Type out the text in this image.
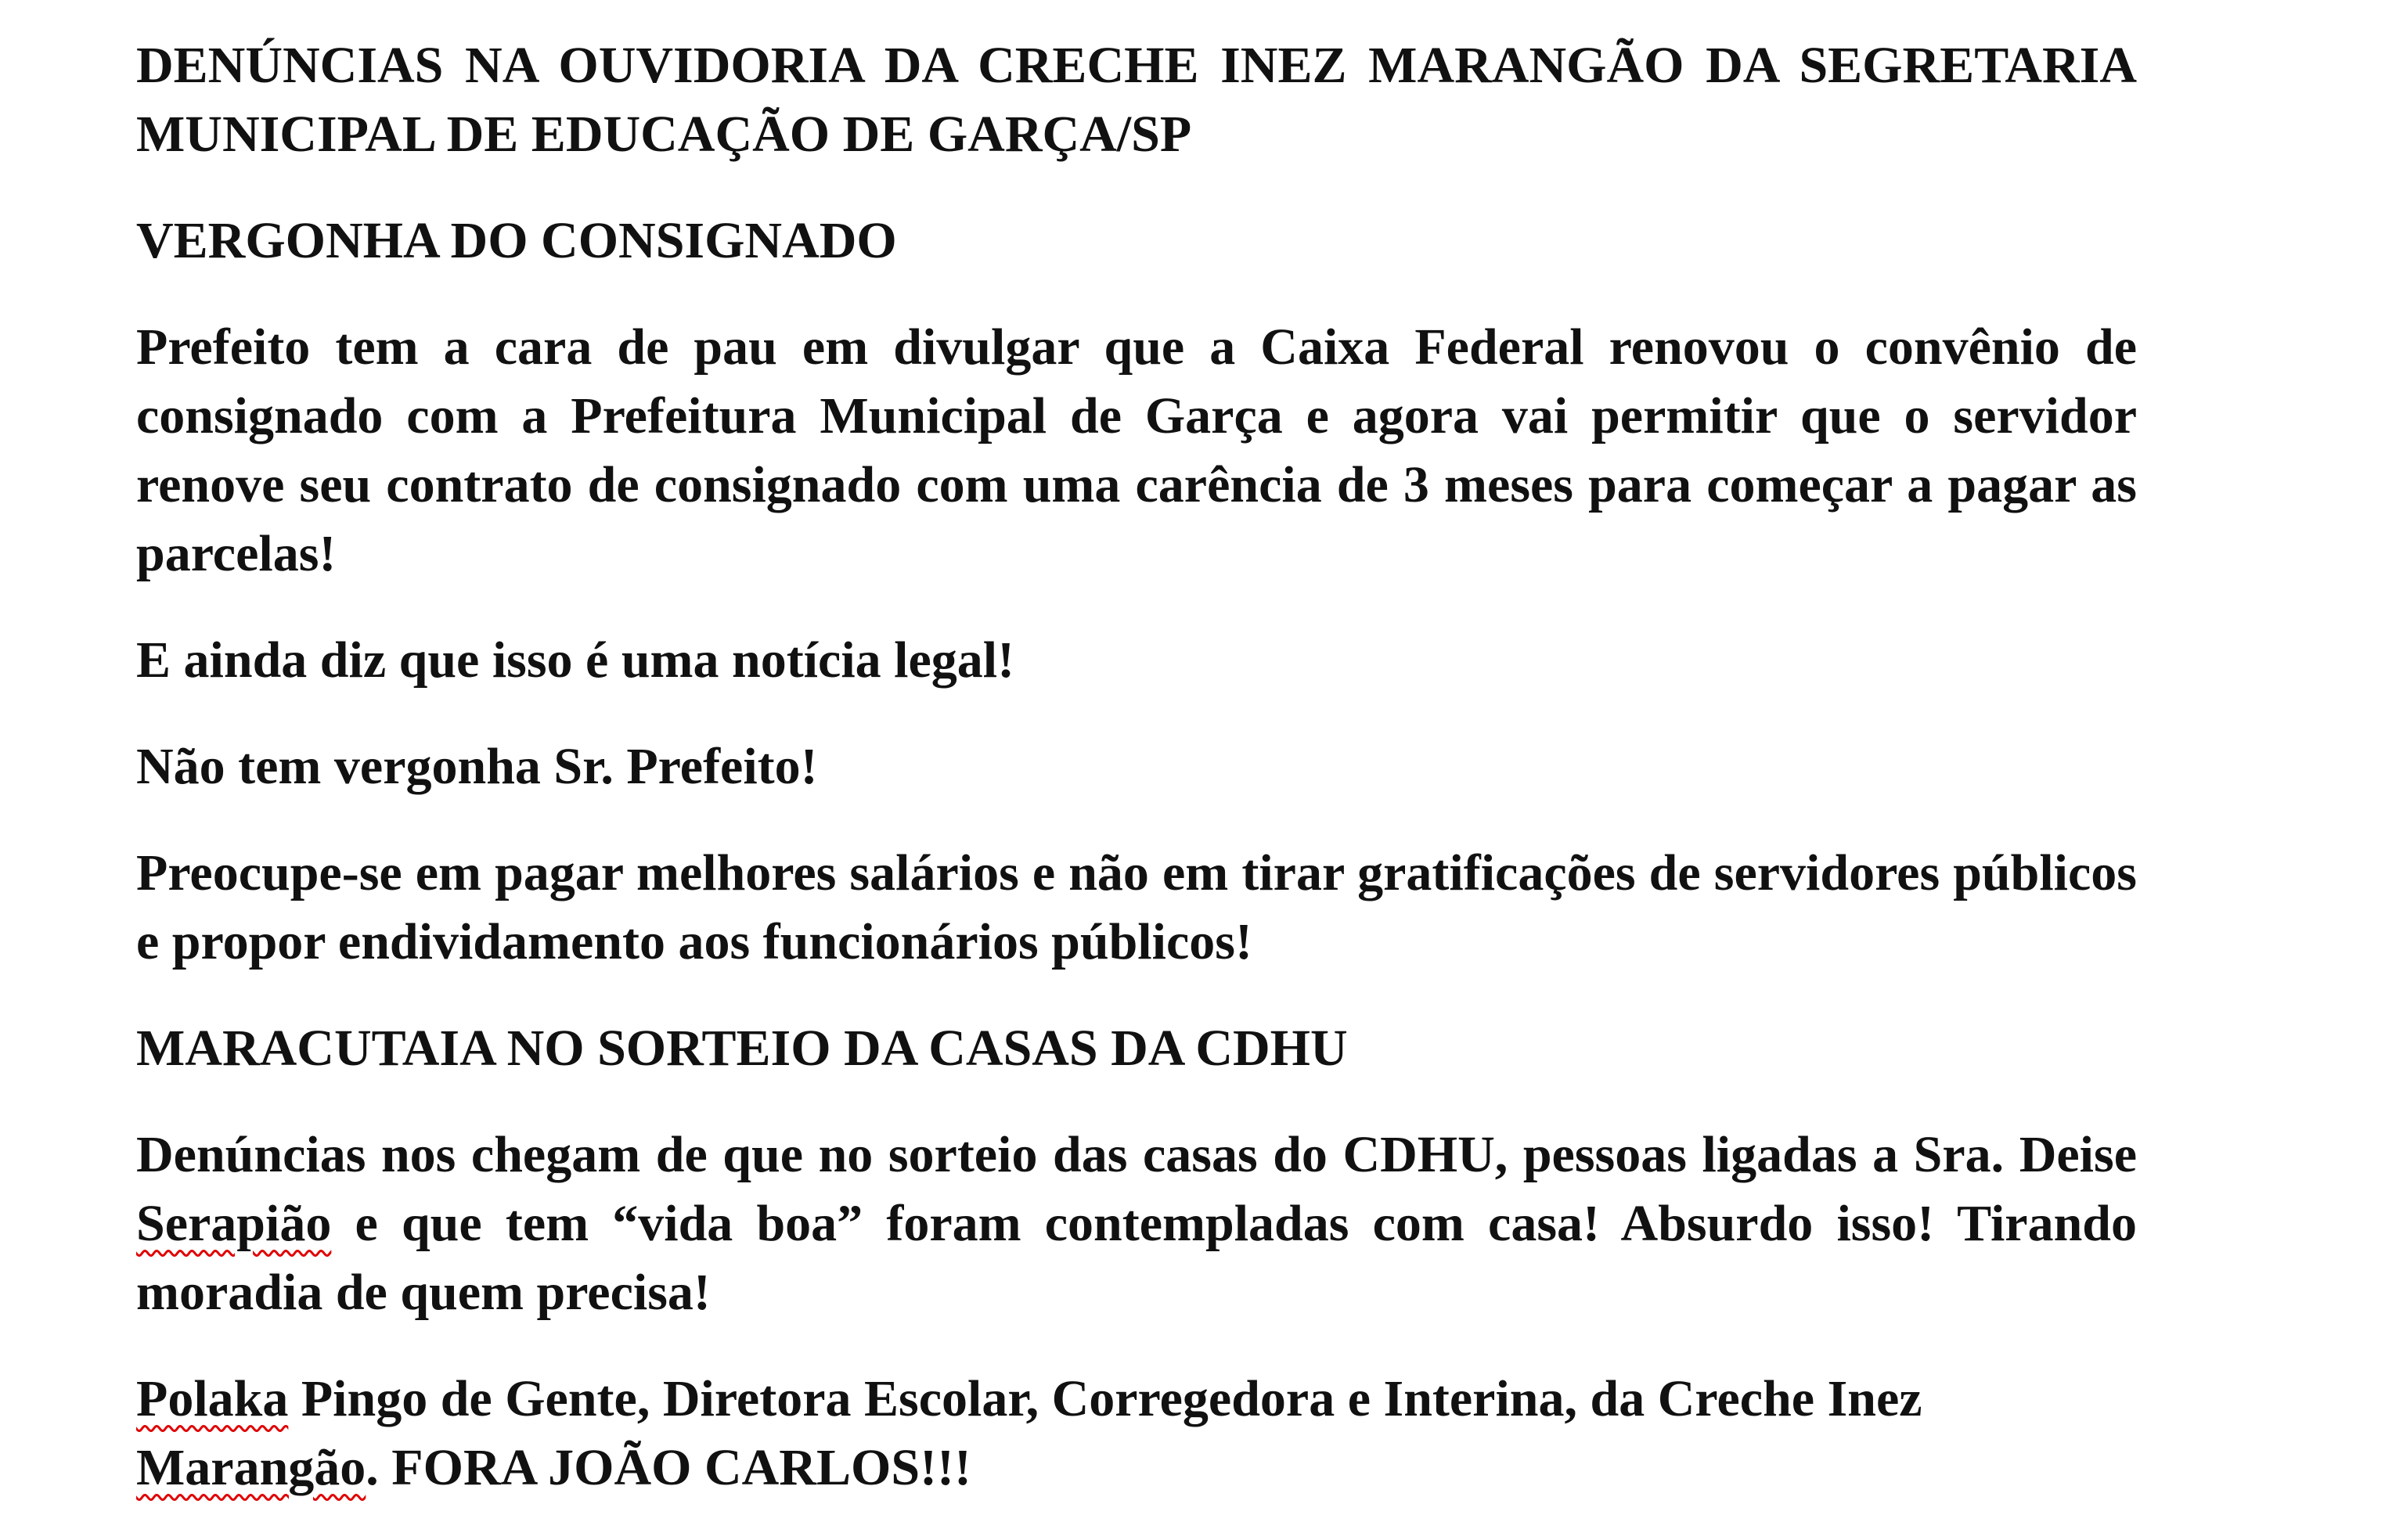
DENÚNCIAS NA OUVIDORIA DA CRECHE INEZ MARANGÃO DA SEGRETARIA MUNICIPAL DE EDUCAÇÃO DE GARÇA/SP

VERGONHA DO CONSIGNADO

Prefeito tem a cara de pau em divulgar que a Caixa Federal renovou o convênio de consignado com a Prefeitura Municipal de Garça e agora vai permitir que o servidor renove seu contrato de consignado com uma carência de 3 meses para começar a pagar as parcelas!

E ainda diz que isso é uma notícia legal!

Não tem vergonha Sr. Prefeito!

Preocupe-se em pagar melhores salários e não em tirar gratificações de servidores públicos e propor endividamento aos funcionários públicos!

MARACUTAIA NO SORTEIO DA CASAS DA CDHU

Denúncias nos chegam de que no sorteio das casas do CDHU, pessoas ligadas a Sra. Deise Serapião e que tem “vida boa” foram contempladas com casa! Absurdo isso! Tirando moradia de quem precisa!

Polaka Pingo de Gente, Diretora Escolar, Corregedora e Interina, da Creche Inez Marangão. FORA JOÃO CARLOS!!!
